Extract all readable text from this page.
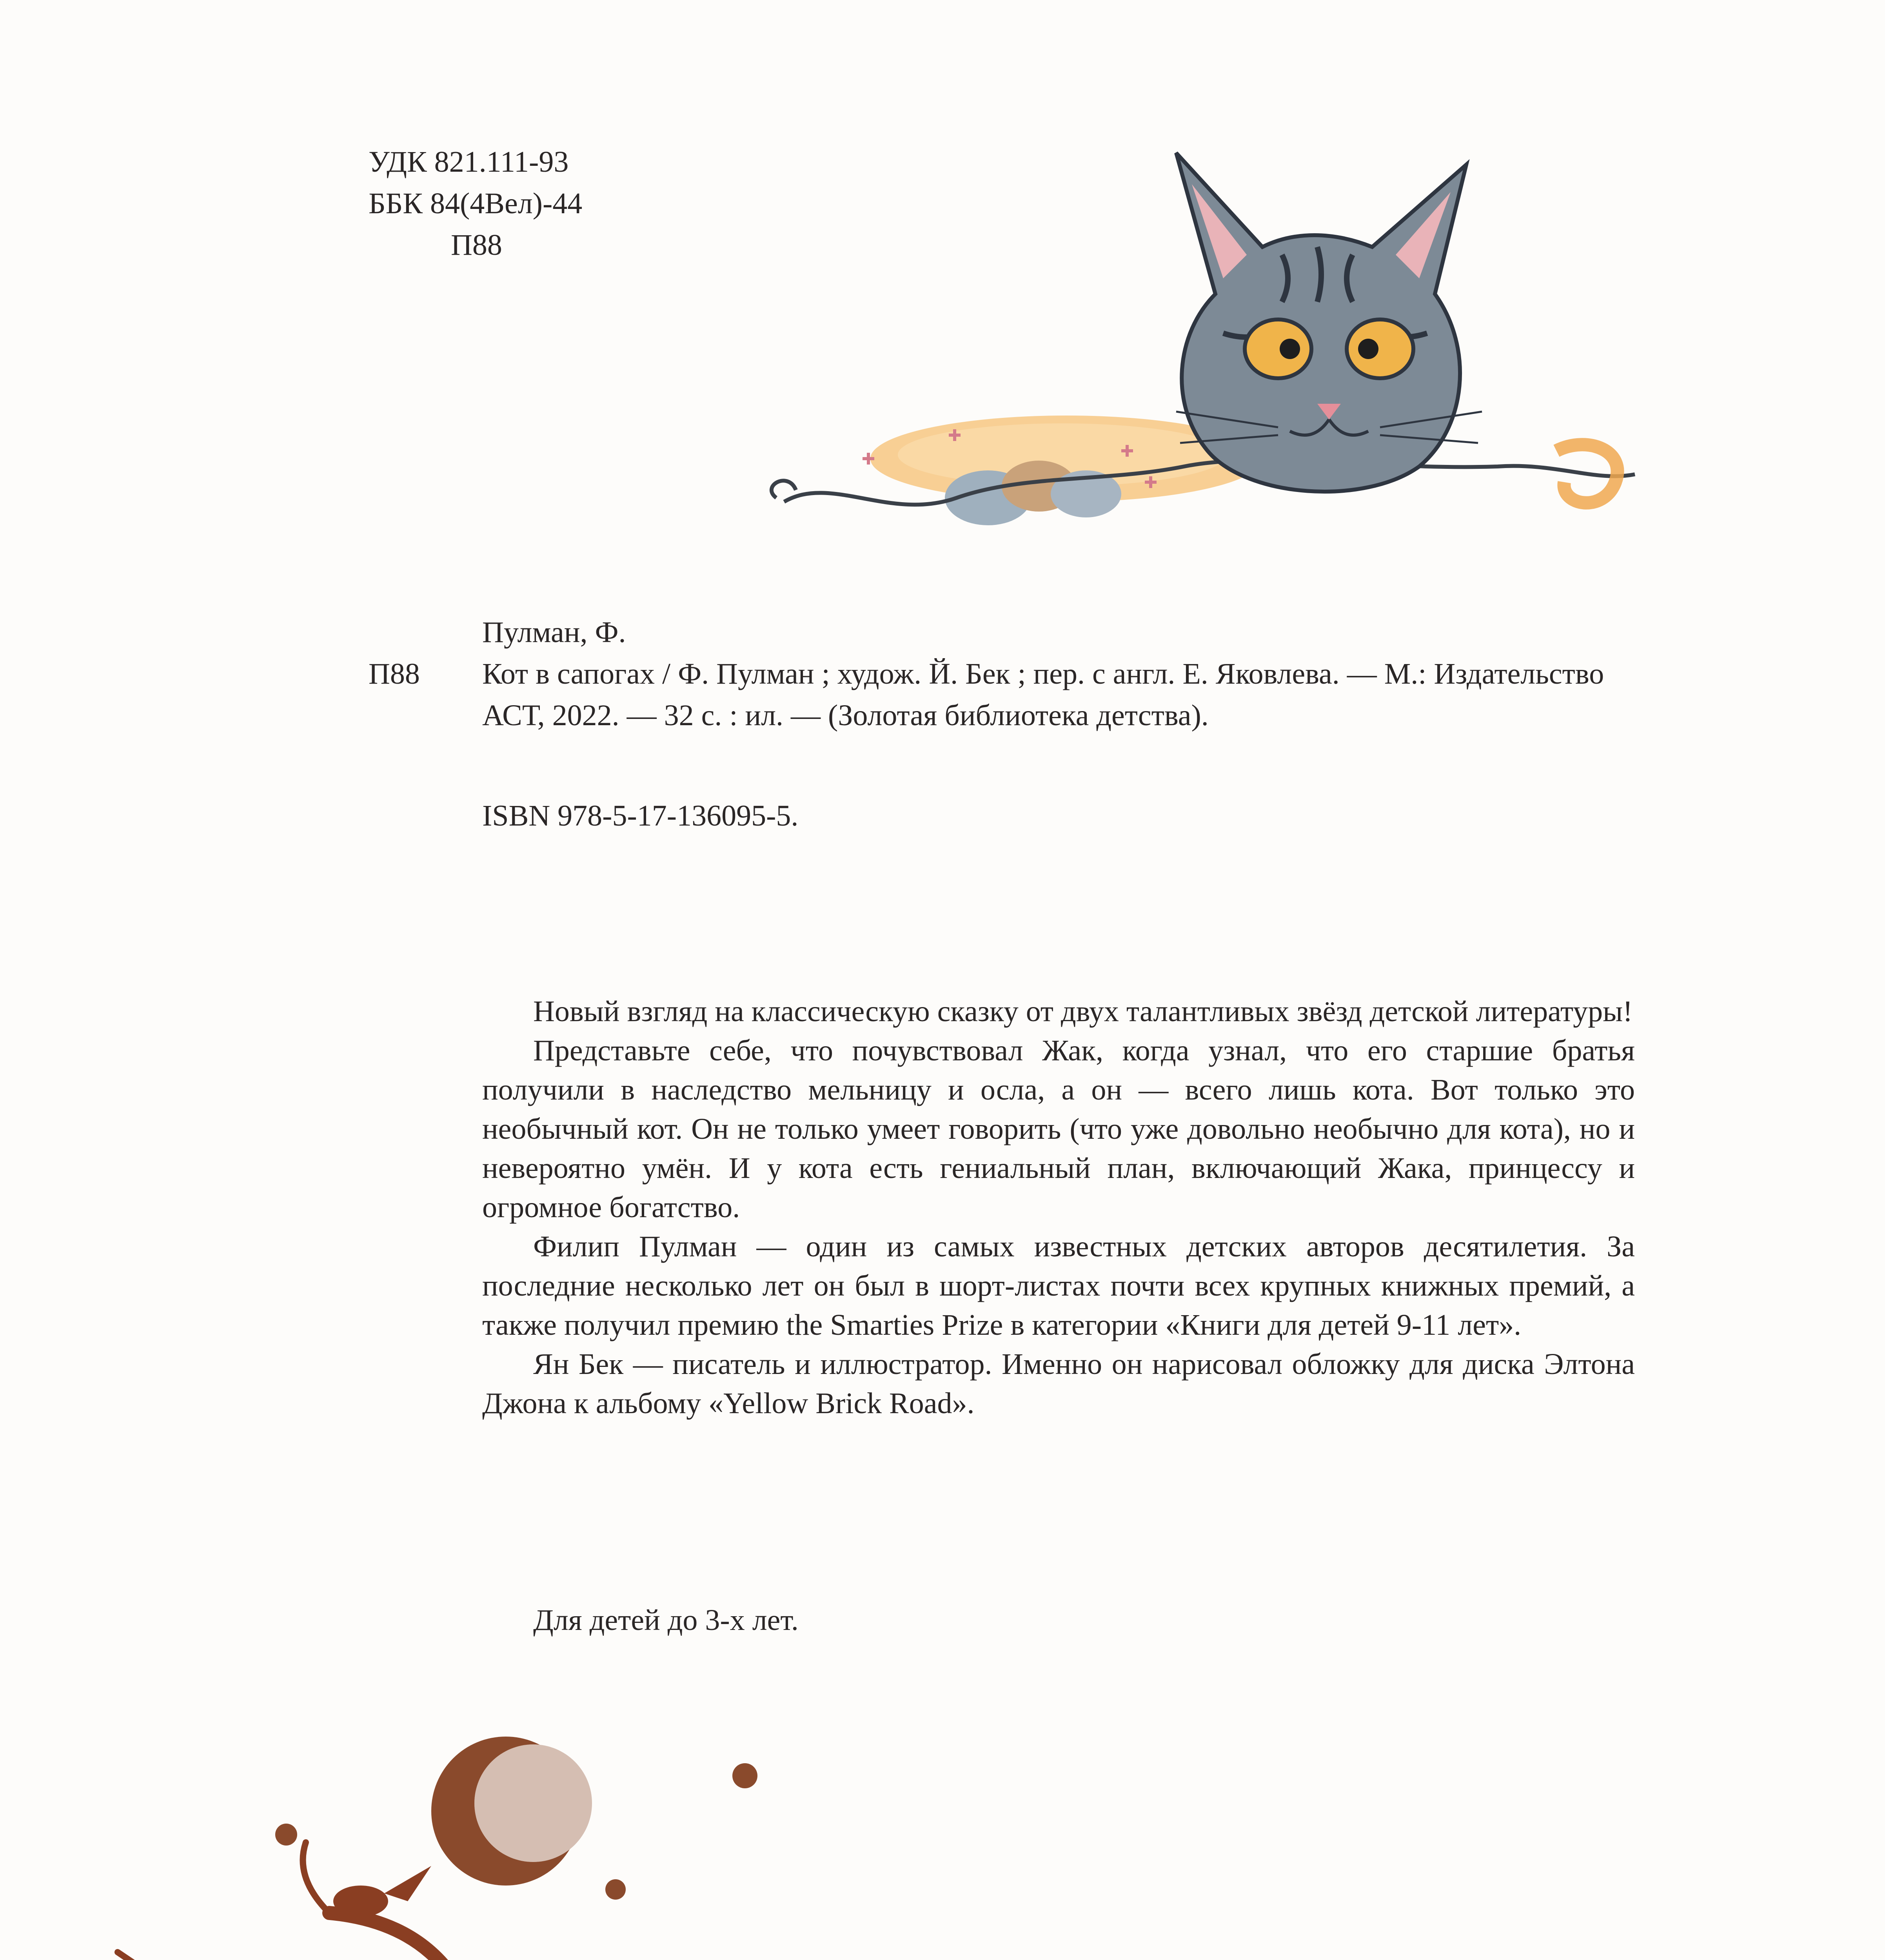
УДК 821.111-93
ББК 84(4Вел)-44
П88
Пулман, Ф.
П88	Кот в сапогах / Ф. Пулман ; худож. Й. Бек ; пер. с англ. Е. Яковлева. — М.: Издательство АСТ, 2022. — 32 с. : ил. — (Золотая библиотека детства).
ISBN 978-5-17-136095-5.

Новый взгляд на классическую сказку от двух талантливых звёзд детской литературы!

Представьте себе, что почувствовал Жак, когда узнал, что его старшие братья получили в наследство мельницу и осла, а он — всего лишь кота. Вот только это необычный кот. Он не только умеет говорить (что уже довольно необычно для кота), но и невероятно умён. И у кота есть гениальный план, включающий Жака, принцессу и огромное богатство.

Филип Пулман — один из самых известных детских авторов десятилетия. За последние несколько лет он был в шорт-листах почти всех крупных книжных премий, а также получил премию the Smarties Prize в категории «Книги для детей 9-11 лет».

Ян Бек — писатель и иллюстратор. Именно он нарисовал обложку для диска Элтона Джона к альбому «Yellow Brick Road».

Для детей до 3-х лет.
